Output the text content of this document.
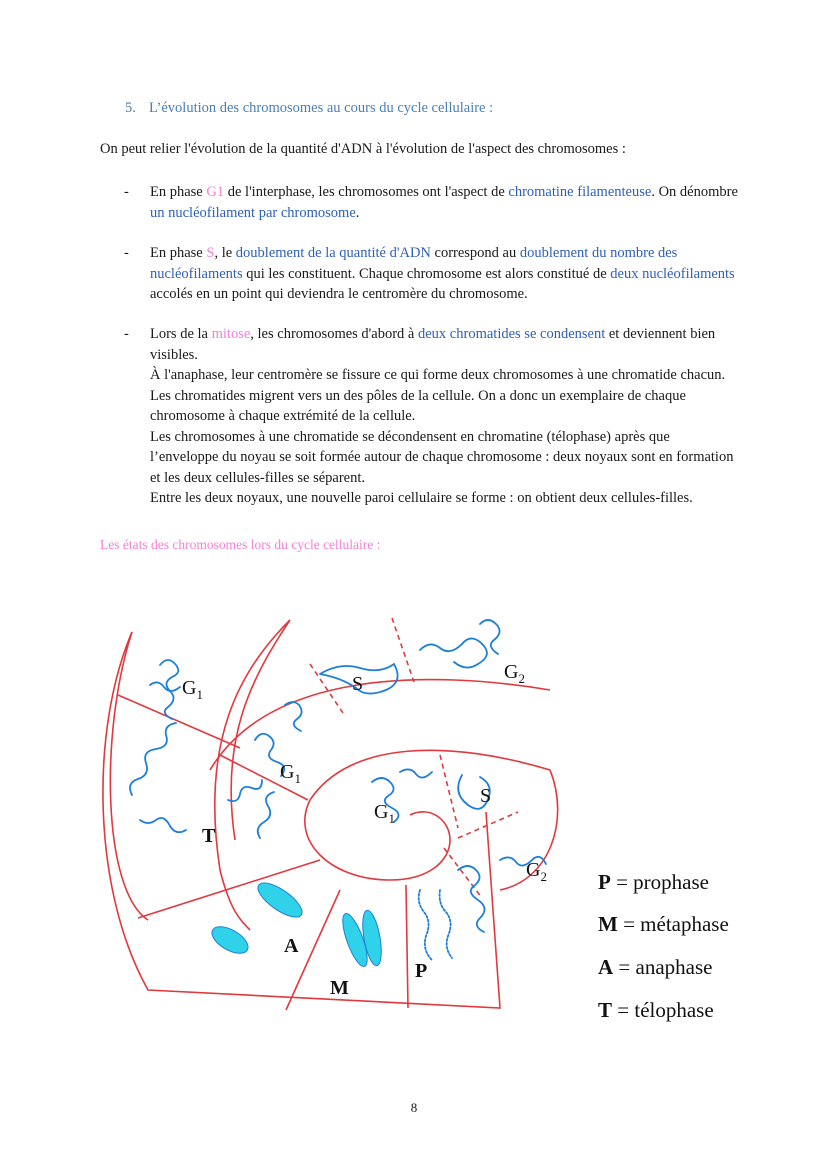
5. L’évolution des chromosomes au cours du cycle cellulaire :
On peut relier l'évolution de la quantité d'ADN à l'évolution de l'aspect des chromosomes :
- En phase G1 de l'interphase, les chromosomes ont l'aspect de chromatine filamenteuse. On dénombre un nucléofilament par chromosome.
- En phase S, le doublement de la quantité d'ADN correspond au doublement du nombre des nucléofilaments qui les constituent. Chaque chromosome est alors constitué de deux nucléofilaments accolés en un point qui deviendra le centromère du chromosome.
- Lors de la mitose, les chromosomes d'abord à deux chromatides se condensent et deviennent bien visibles.
À l'anaphase, leur centromère se fissure ce qui forme deux chromosomes à une chromatide chacun. Les chromatides migrent vers un des pôles de la cellule. On a donc un exemplaire de chaque chromosome à chaque extrémité de la cellule.
Les chromosomes à une chromatide se décondensent en chromatine (télophase) après que l’enveloppe du noyau se soit formée autour de chaque chromosome : deux noyaux sont en formation et les deux cellules-filles se séparent.
Entre les deux noyaux, une nouvelle paroi cellulaire se forme : on obtient deux cellules-filles.
Les états des chromosomes lors du cycle cellulaire :
$G_1$
$G_1$
$G_1$
S
S
$G_2$
$G_2$
T
A
M
P
P = prophase
M = métaphase
A = anaphase
T = télophase
8
